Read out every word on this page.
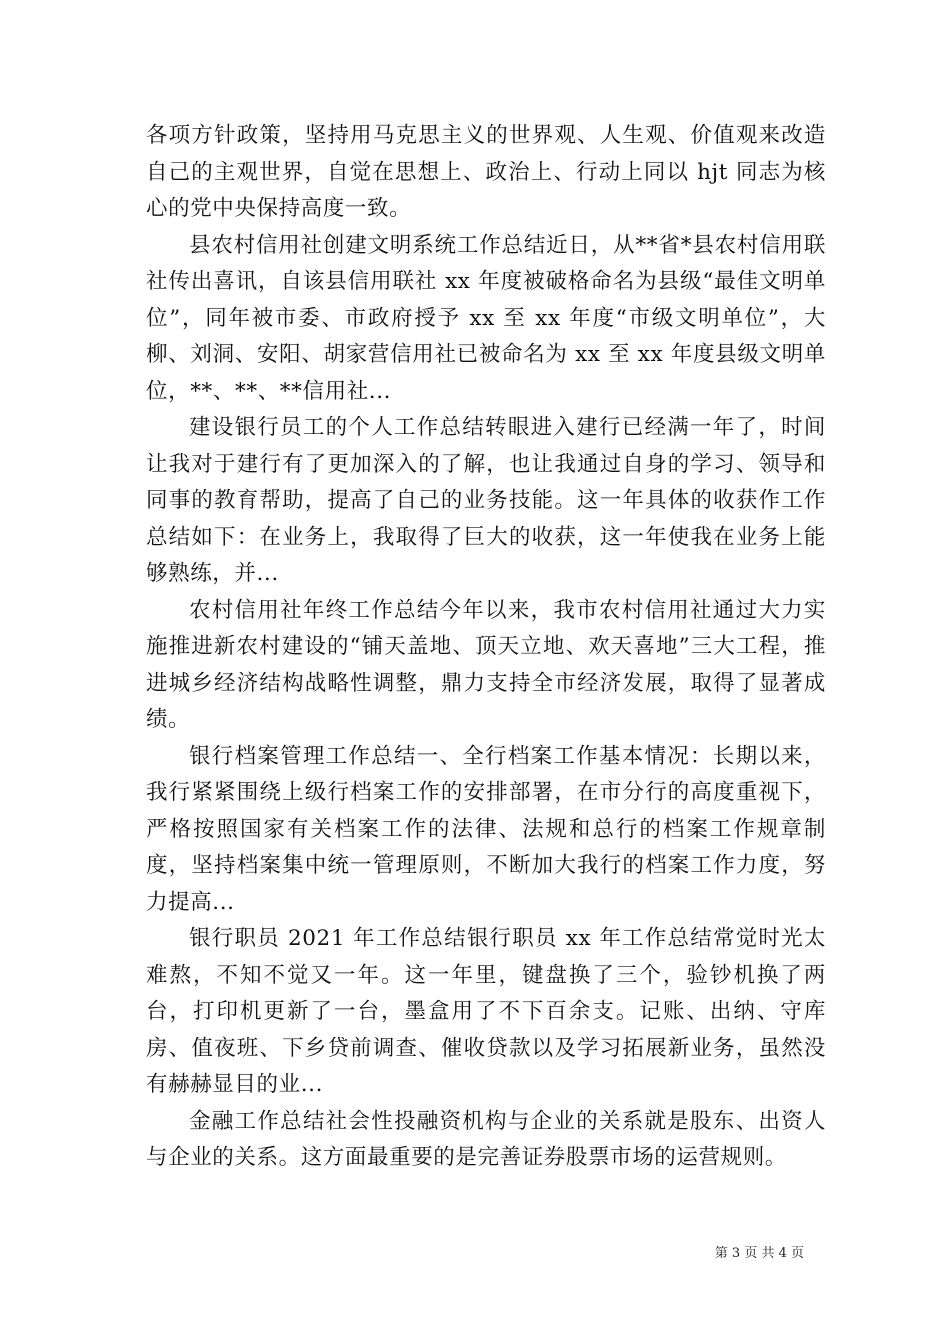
各项方针政策，坚持用马克思主义的世界观、人生观、价值观来改造自己的主观世界，自觉在思想上、政治上、行动上同以 hjt 同志为核心的党中央保持高度一致。

县农村信用社创建文明系统工作总结近日，从**省*县农村信用联社传出喜讯，自该县信用联社 xx 年度被破格命名为县级“最佳文明单位”，同年被市委、市政府授予 xx 至 xx 年度“市级文明单位”，大柳、刘洞、安阳、胡家营信用社已被命名为 xx 至 xx 年度县级文明单位，**、**、**信用社...

建设银行员工的个人工作总结转眼进入建行已经满一年了，时间让我对于建行有了更加深入的了解，也让我通过自身的学习、领导和同事的教育帮助，提高了自己的业务技能。这一年具体的收获作工作总结如下：在业务上，我取得了巨大的收获，这一年使我在业务上能够熟练，并...

农村信用社年终工作总结今年以来，我市农村信用社通过大力实施推进新农村建设的“铺天盖地、顶天立地、欢天喜地”三大工程，推进城乡经济结构战略性调整，鼎力支持全市经济发展，取得了显著成绩。

银行档案管理工作总结一、全行档案工作基本情况：长期以来，我行紧紧围绕上级行档案工作的安排部署，在市分行的高度重视下，严格按照国家有关档案工作的法律、法规和总行的档案工作规章制度，坚持档案集中统一管理原则，不断加大我行的档案工作力度，努力提高...

银行职员 2021 年工作总结银行职员 xx 年工作总结常觉时光太难熬，不知不觉又一年。这一年里，键盘换了三个，验钞机换了两台，打印机更新了一台，墨盒用了不下百余支。记账、出纳、守库房、值夜班、下乡贷前调查、催收贷款以及学习拓展新业务，虽然没有赫赫显目的业...

金融工作总结社会性投融资机构与企业的关系就是股东、出资人与企业的关系。这方面最重要的是完善证券股票市场的运营规则。

第 3 页 共 4 页
